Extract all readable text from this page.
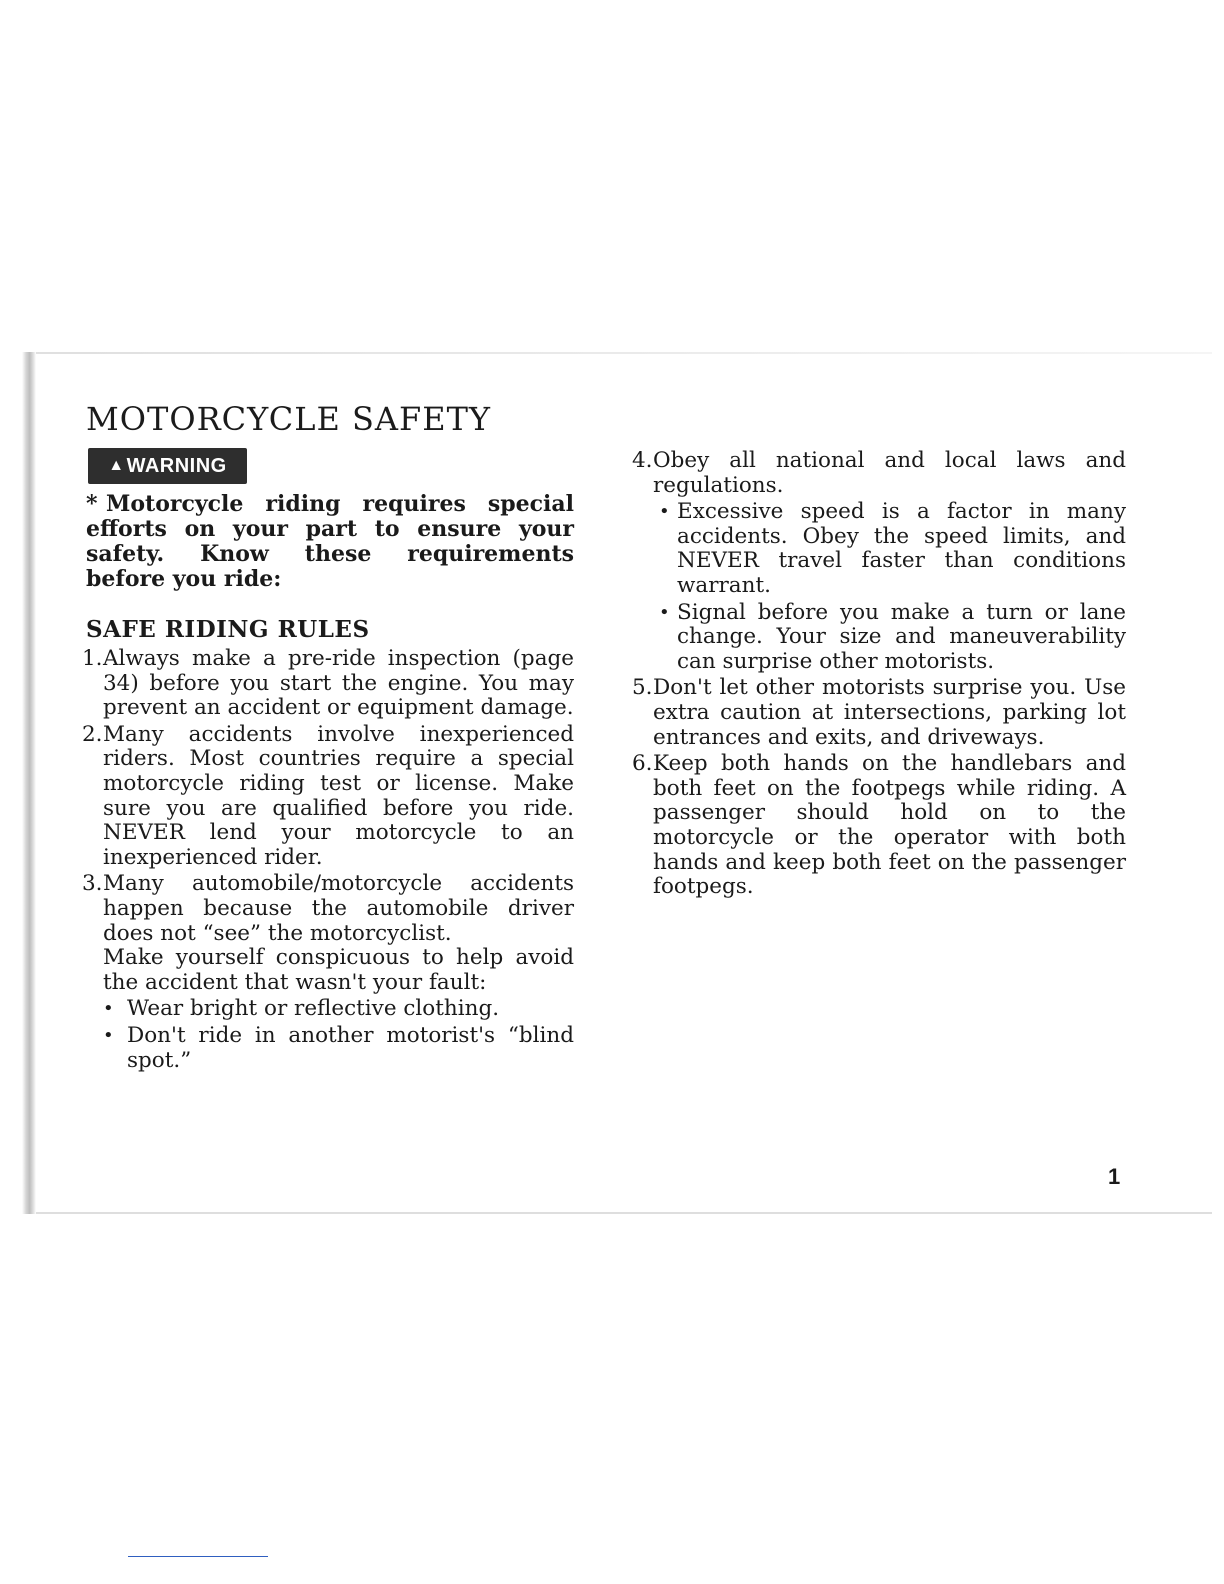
MOTORCYCLE SAFETY
▲ WARNING

* Motorcycle riding requires special efforts on your part to ensure your safety. Know these requirements before you ride:

SAFE RIDING RULES
1. Always make a pre-ride inspection (page 34) before you start the engine. You may prevent an accident or equipment damage.

2. Many accidents involve inexperienced riders. Most countries require a special motorcycle riding test or license. Make sure you are qualified before you ride. NEVER lend your motorcycle to an inexperienced rider.

3. Many automobile/motorcycle accidents happen because the automobile driver does not “see” the motorcyclist.

Make yourself conspicuous to help avoid the accident that wasn't your fault:

• Wear bright or reflective clothing.
• Don't ride in another motorist's “blind spot.”
4. Obey all national and local laws and regulations.

• Excessive speed is a factor in many accidents. Obey the speed limits, and NEVER travel faster than conditions warrant.
• Signal before you make a turn or lane change. Your size and maneuverability can surprise other motorists.
5. Don't let other motorists surprise you. Use extra caution at intersections, parking lot entrances and exits, and driveways.

6. Keep both hands on the handlebars and both feet on the footpegs while riding. A passenger should hold on to the motorcycle or the operator with both hands and keep both feet on the passenger footpegs.

1
